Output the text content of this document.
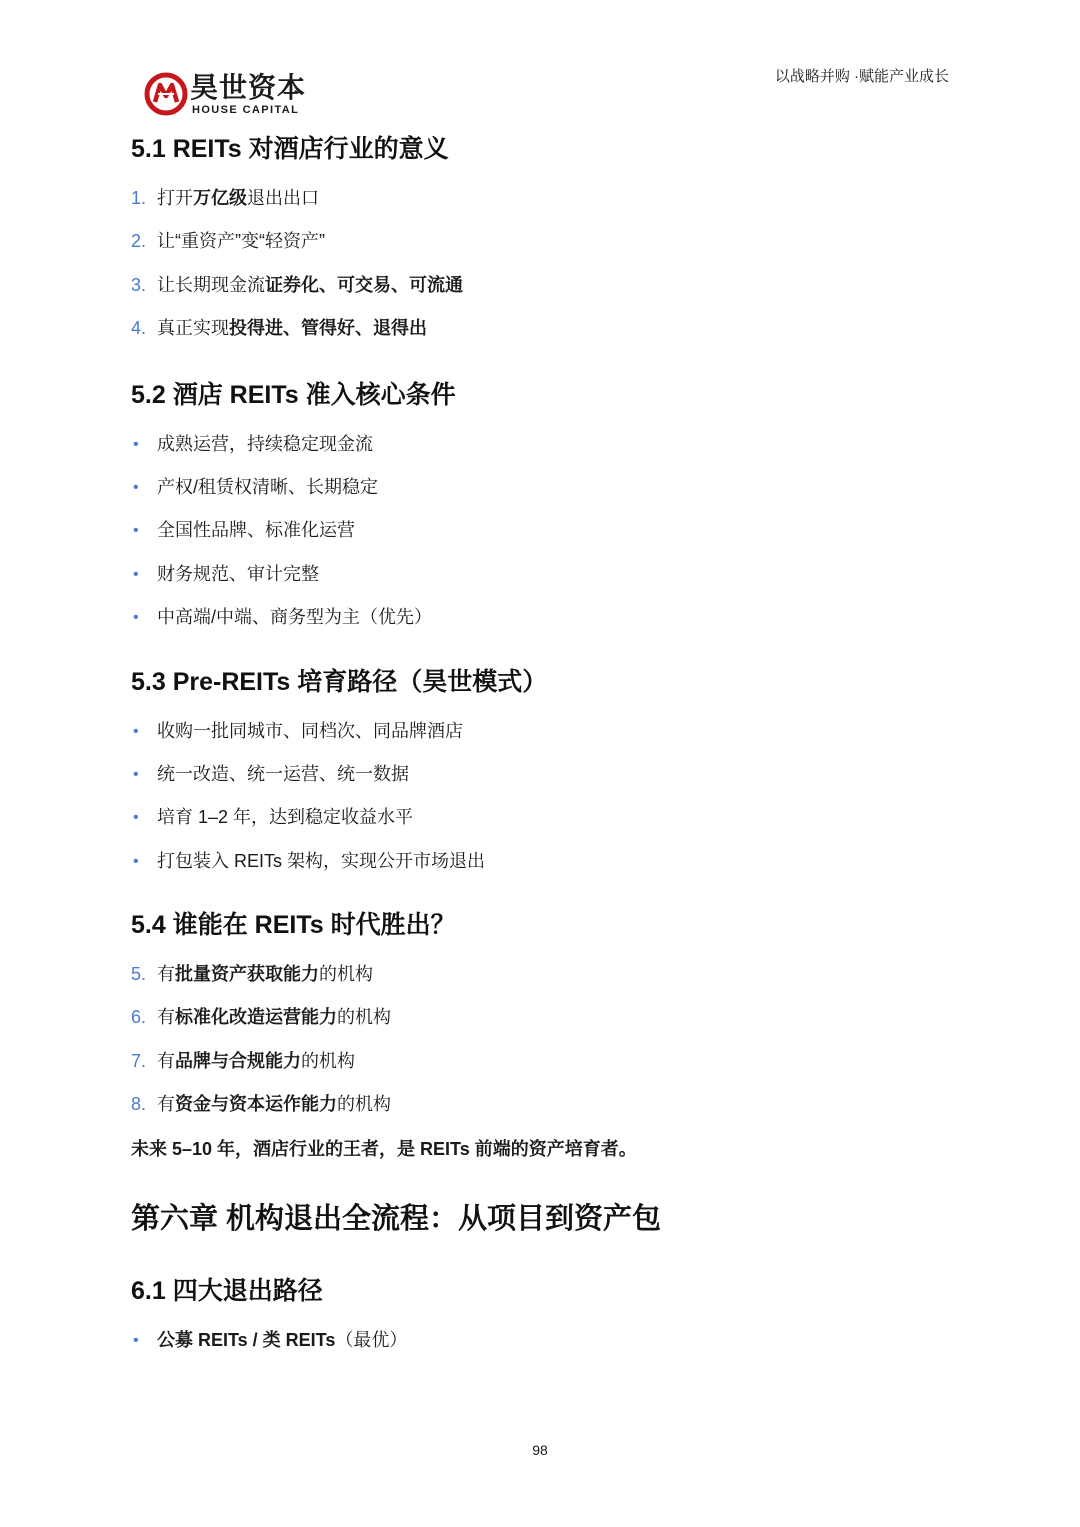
昊世资本
HOUSE CAPITAL
以战略并购 ·赋能产业成长
5.1 REITs 对酒店行业的意义
1. 打开万亿级退出出口
2. 让“重资产”变“轻资产”
3. 让长期现金流证券化、可交易、可流通
4. 真正实现投得进、管得好、退得出
5.2 酒店 REITs 准入核心条件
• 成熟运营，持续稳定现金流
• 产权/租赁权清晰、长期稳定
• 全国性品牌、标准化运营
• 财务规范、审计完整
• 中高端/中端、商务型为主（优先）
5.3 Pre-REITs 培育路径（昊世模式）
• 收购一批同城市、同档次、同品牌酒店
• 统一改造、统一运营、统一数据
• 培育 1–2 年，达到稳定收益水平
• 打包装入 REITs 架构，实现公开市场退出
5.4 谁能在 REITs 时代胜出？
5. 有批量资产获取能力的机构
6. 有标准化改造运营能力的机构
7. 有品牌与合规能力的机构
8. 有资金与资本运作能力的机构
未来 5–10 年，酒店行业的王者，是 REITs 前端的资产培育者。
第六章 机构退出全流程：从项目到资产包
6.1 四大退出路径
• 公募 REITs / 类 REITs（最优）
98
